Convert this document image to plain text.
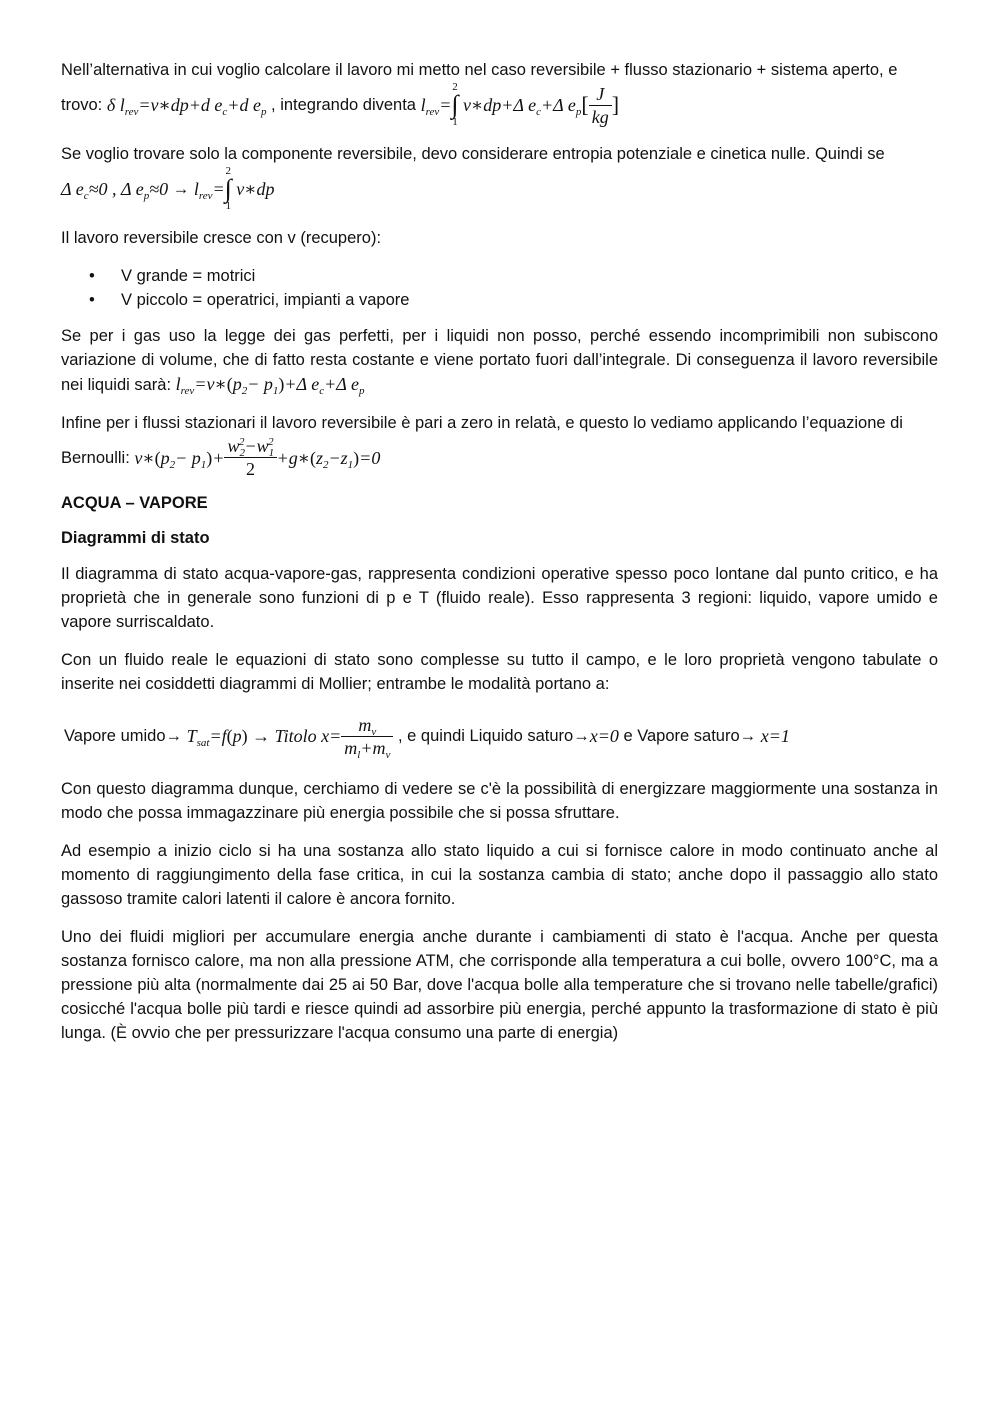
Nell’alternativa in cui voglio calcolare il lavoro mi metto nel caso reversibile + flusso stazionario + sistema aperto, e

trovo:
δ $l_{rev}=v∗dp+d$ $e_c+d$ $e_p$
, integrando diventa
$l_{rev}=$
2
∫
1
v∗dp+Δ $e_c+\Delta$ $e_p$ [ $\frac{J}{kg}$ ]

Se voglio trovare solo la componente reversibile, devo considerare entropia potenziale e cinetica nulle. Quindi se

Δ $e_c\approx 0$ , Δ $e_p\approx 0$
→
$l_{rev}=$
2
∫
1
v∗dp

Il lavoro reversibile cresce con v (recupero):

• V grande = motrici
• V piccolo = operatrici, impianti a vapore

Se per i gas uso la legge dei gas perfetti, per i liquidi non posso, perché essendo incomprimibili non subiscono variazione di volume, che di fatto resta costante e viene portato fuori dall’integrale. Di conseguenza il lavoro reversibile nei liquidi sarà: $l_{rev}=v∗(p_2- p_1)+\Delta$ $e_c+\Delta$ $e_p$

Infine per i flussi stazionari il lavoro reversibile è pari a zero in relatà, e questo lo vediamo applicando l’equazione di

Bernoulli:
$v∗(p_2- p_1)+ \frac{w_2^2-w_1^2}{2}$ $+g∗(z_2-z_1)=0$

ACQUA – VAPORE
Diagrammi di stato

Il diagramma di stato acqua-vapore-gas, rappresenta condizioni operative spesso poco lontane dal punto critico, e ha proprietà che in generale sono funzioni di p e T (fluido reale). Esso rappresenta 3 regioni: liquido, vapore umido e vapore surriscaldato.

Con un fluido reale le equazioni di stato sono complesse su tutto il campo, e le loro proprietà vengono tabulate o inserite nei cosiddetti diagrammi di Mollier; entrambe le modalità portano a:

Vapore umido →
$T_{sat}=f(p)$ → Titolo $x= \frac{m_v}{m_l+m_v}$
, e quindi Liquido saturo → x=0
e Vapore saturo →
x=1

Con questo diagramma dunque, cerchiamo di vedere se c'è la possibilità di energizzare maggiormente una sostanza in modo che possa immagazzinare più energia possibile che si possa sfruttare.

Ad esempio a inizio ciclo si ha una sostanza allo stato liquido a cui si fornisce calore in modo continuato anche al momento di raggiungimento della fase critica, in cui la sostanza cambia di stato; anche dopo il passaggio allo stato gassoso tramite calori latenti il calore è ancora fornito.

Uno dei fluidi migliori per accumulare energia anche durante i cambiamenti di stato è l'acqua. Anche per questa sostanza fornisco calore, ma non alla pressione ATM, che corrisponde alla temperatura a cui bolle, ovvero 100°C, ma a pressione più alta (normalmente dai 25 ai 50 Bar, dove l'acqua bolle alla temperature che si trovano nelle tabelle/grafici) cosicché l'acqua bolle più tardi e riesce quindi ad assorbire più energia, perché appunto la trasformazione di stato è più lunga. (È ovvio che per pressurizzare l'acqua consumo una parte di energia)
